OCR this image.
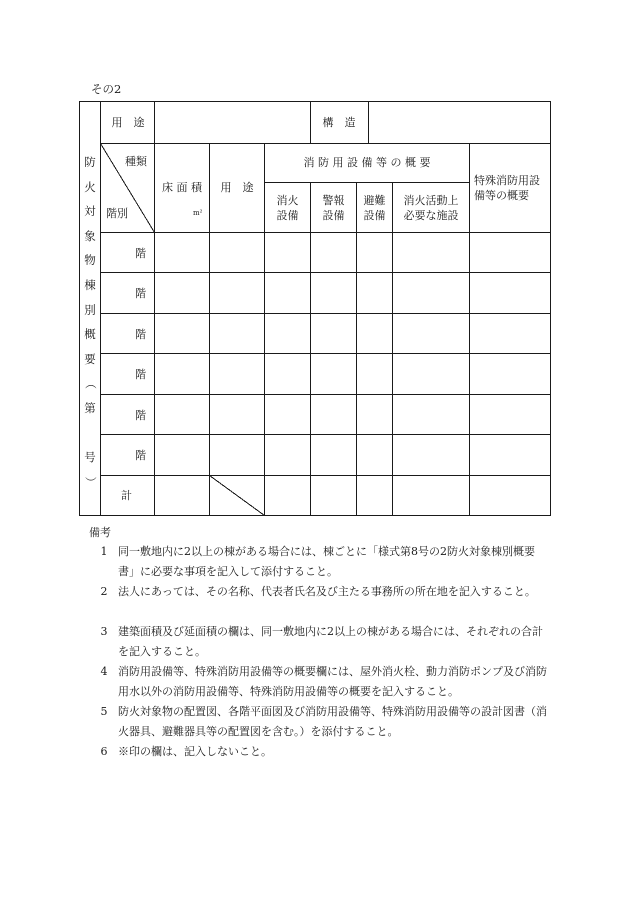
その2
防
火
対
象
物
棟
別
概
要
（
第

号
）
用　途	構　造
種類
階別
床 面 積
m²
用　途
消 防 用 設 備 等 の 概 要
消火
設備
警報
設備
避難
設備
消火活動上
必要な施設
特殊消防用設
備等の概要
階
階
階
階
階
階
計
備考
1 同一敷地内に2以上の棟がある場合には、棟ごとに「様式第8号の2防火対象棟別概要書」に必要な事項を記入して添付すること。
2 法人にあっては、その名称、代表者氏名及び主たる事務所の所在地を記入すること。
3 建築面積及び延面積の欄は、同一敷地内に2以上の棟がある場合には、それぞれの合計を記入すること。
4 消防用設備等、特殊消防用設備等の概要欄には、屋外消火栓、動力消防ポンプ及び消防用水以外の消防用設備等、特殊消防用設備等の概要を記入すること。
5 防火対象物の配置図、各階平面図及び消防用設備等、特殊消防用設備等の設計図書（消火器具、避難器具等の配置図を含む。）を添付すること。
6 ※印の欄は、記入しないこと。
